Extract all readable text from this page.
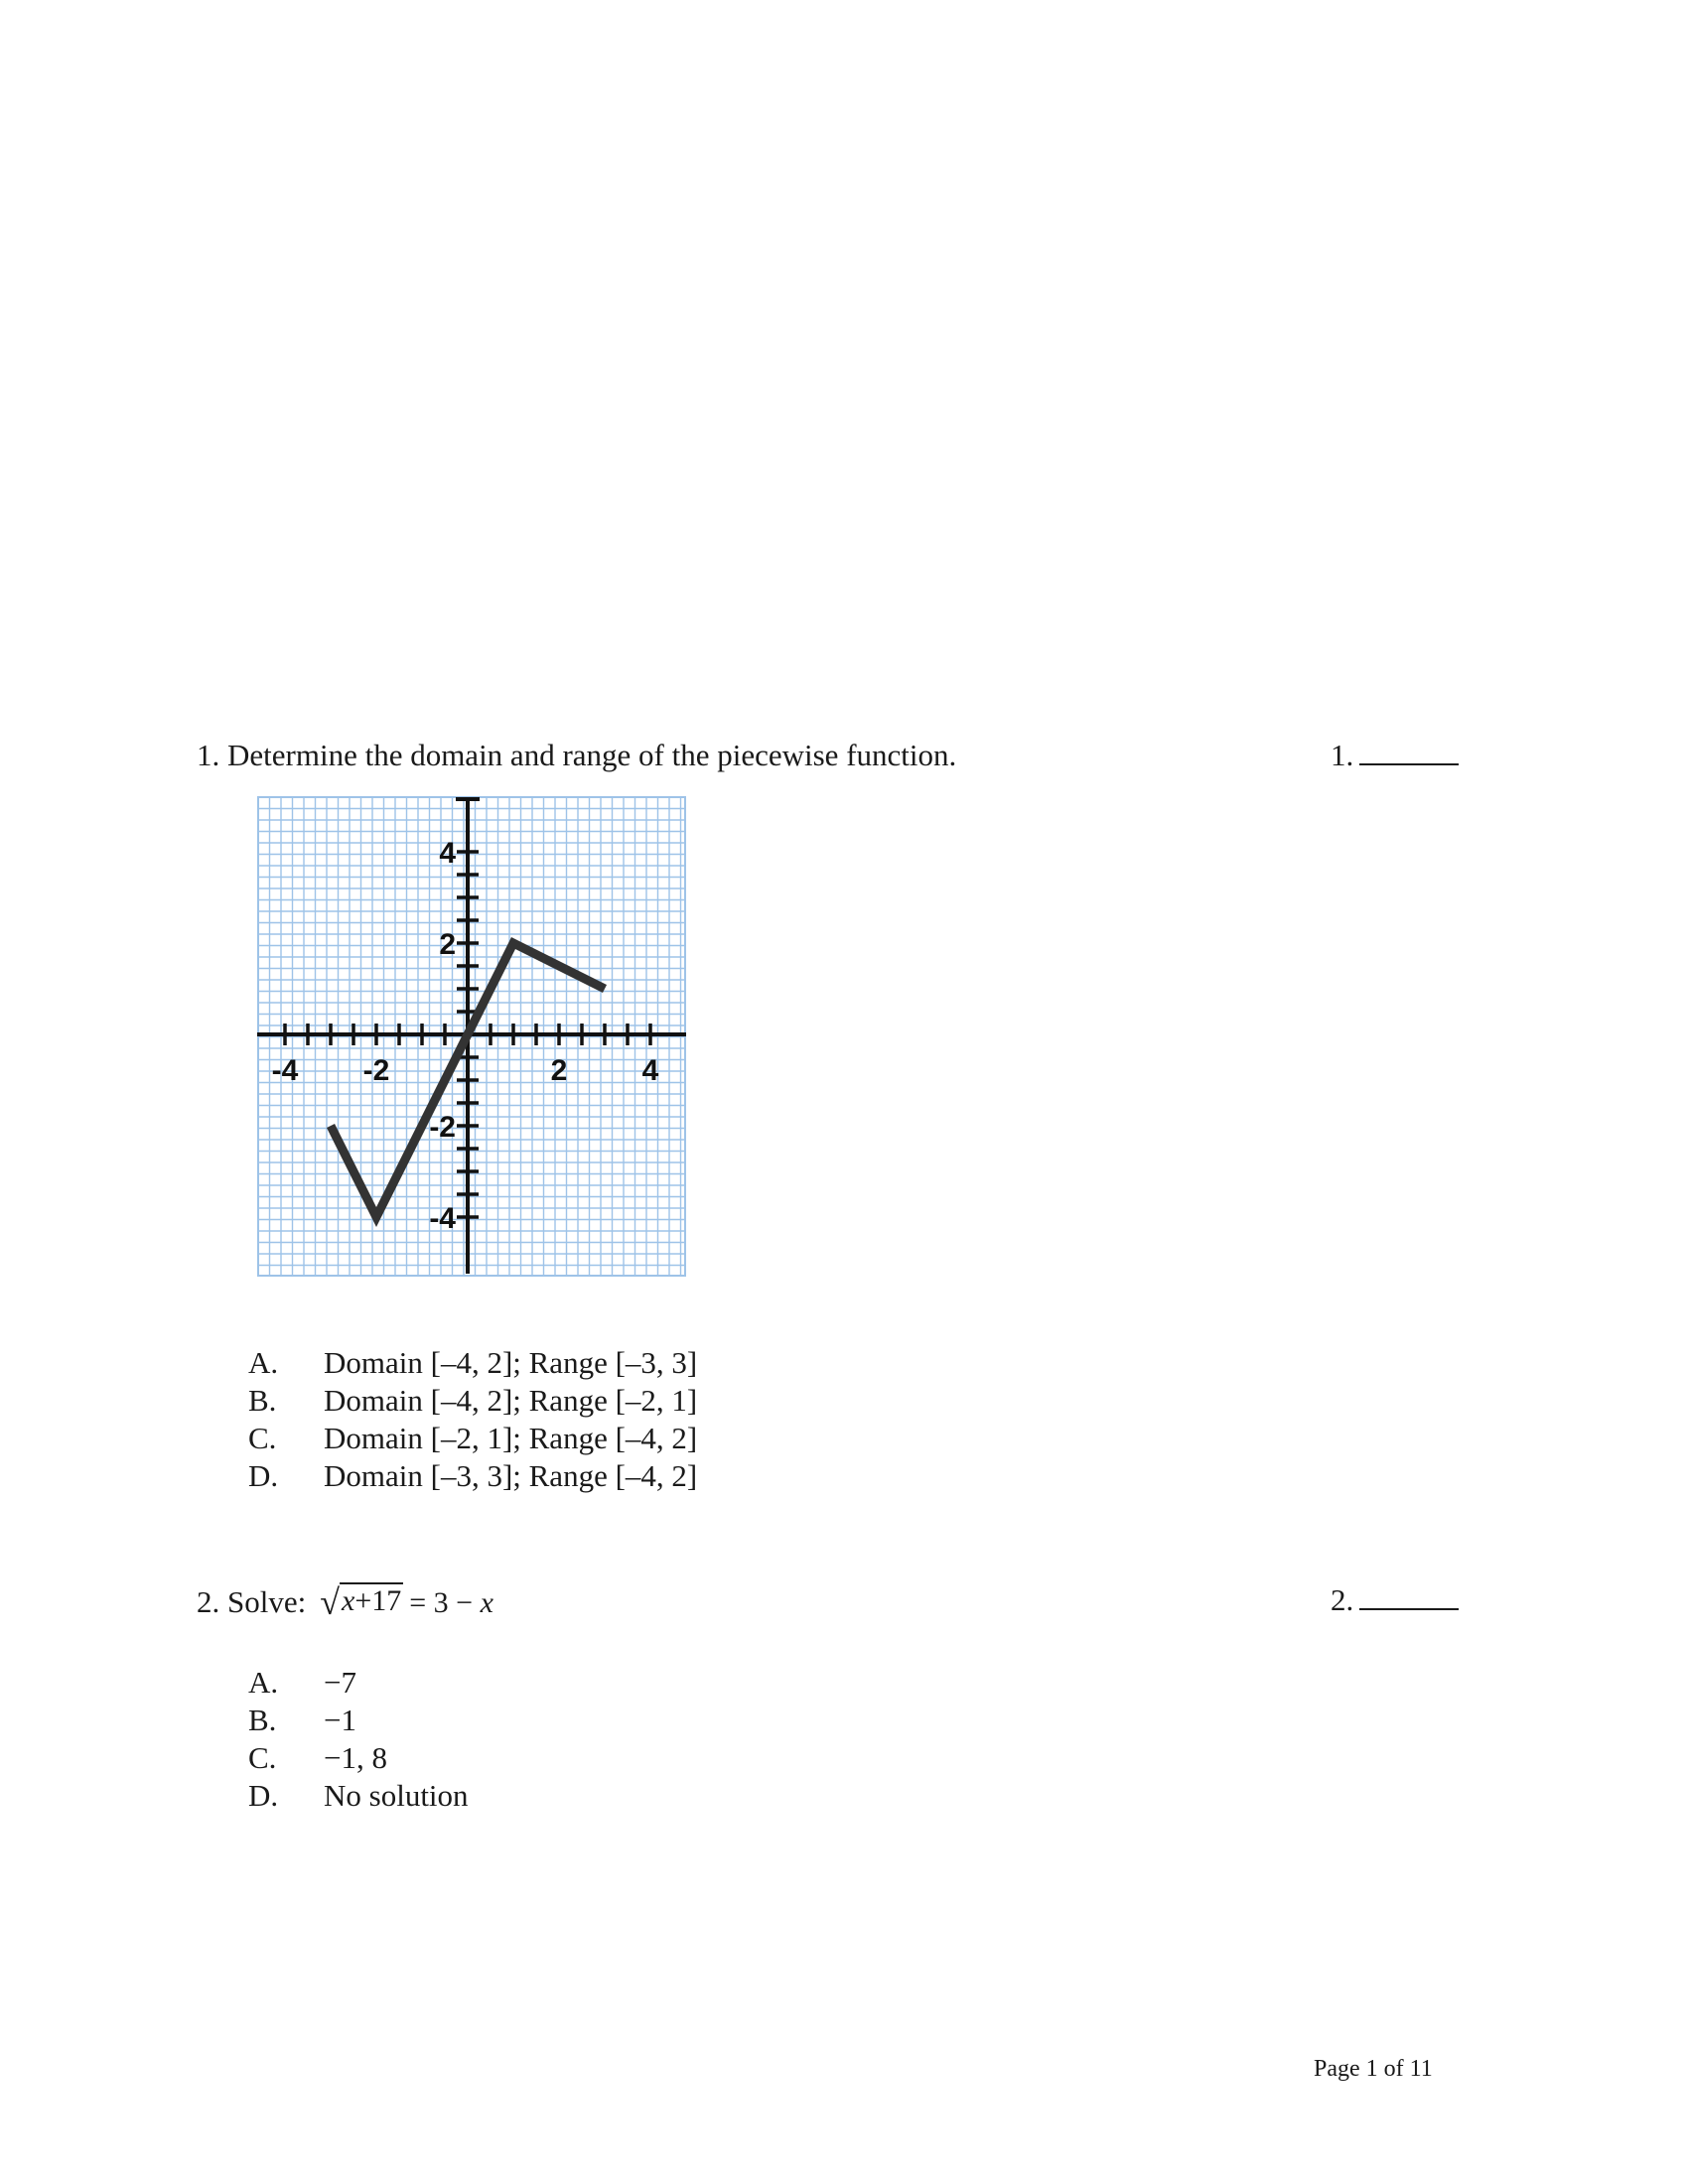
1. Determine the domain and range of the piecewise function.	1.
-4 -2	2	4
4
2
-2
-4
A.	Domain [–4, 2]; Range [–3, 3]
B.	Domain [–4, 2]; Range [–2, 1]
C.	Domain [–2, 1]; Range [–4, 2]
D.	Domain [–3, 3]; Range [–4, 2]
2. Solve: √ x+17 = 3 − x	2.
A.	−7
B.	−1
C.	−1, 8
D.	No solution
Page 1 of 11
